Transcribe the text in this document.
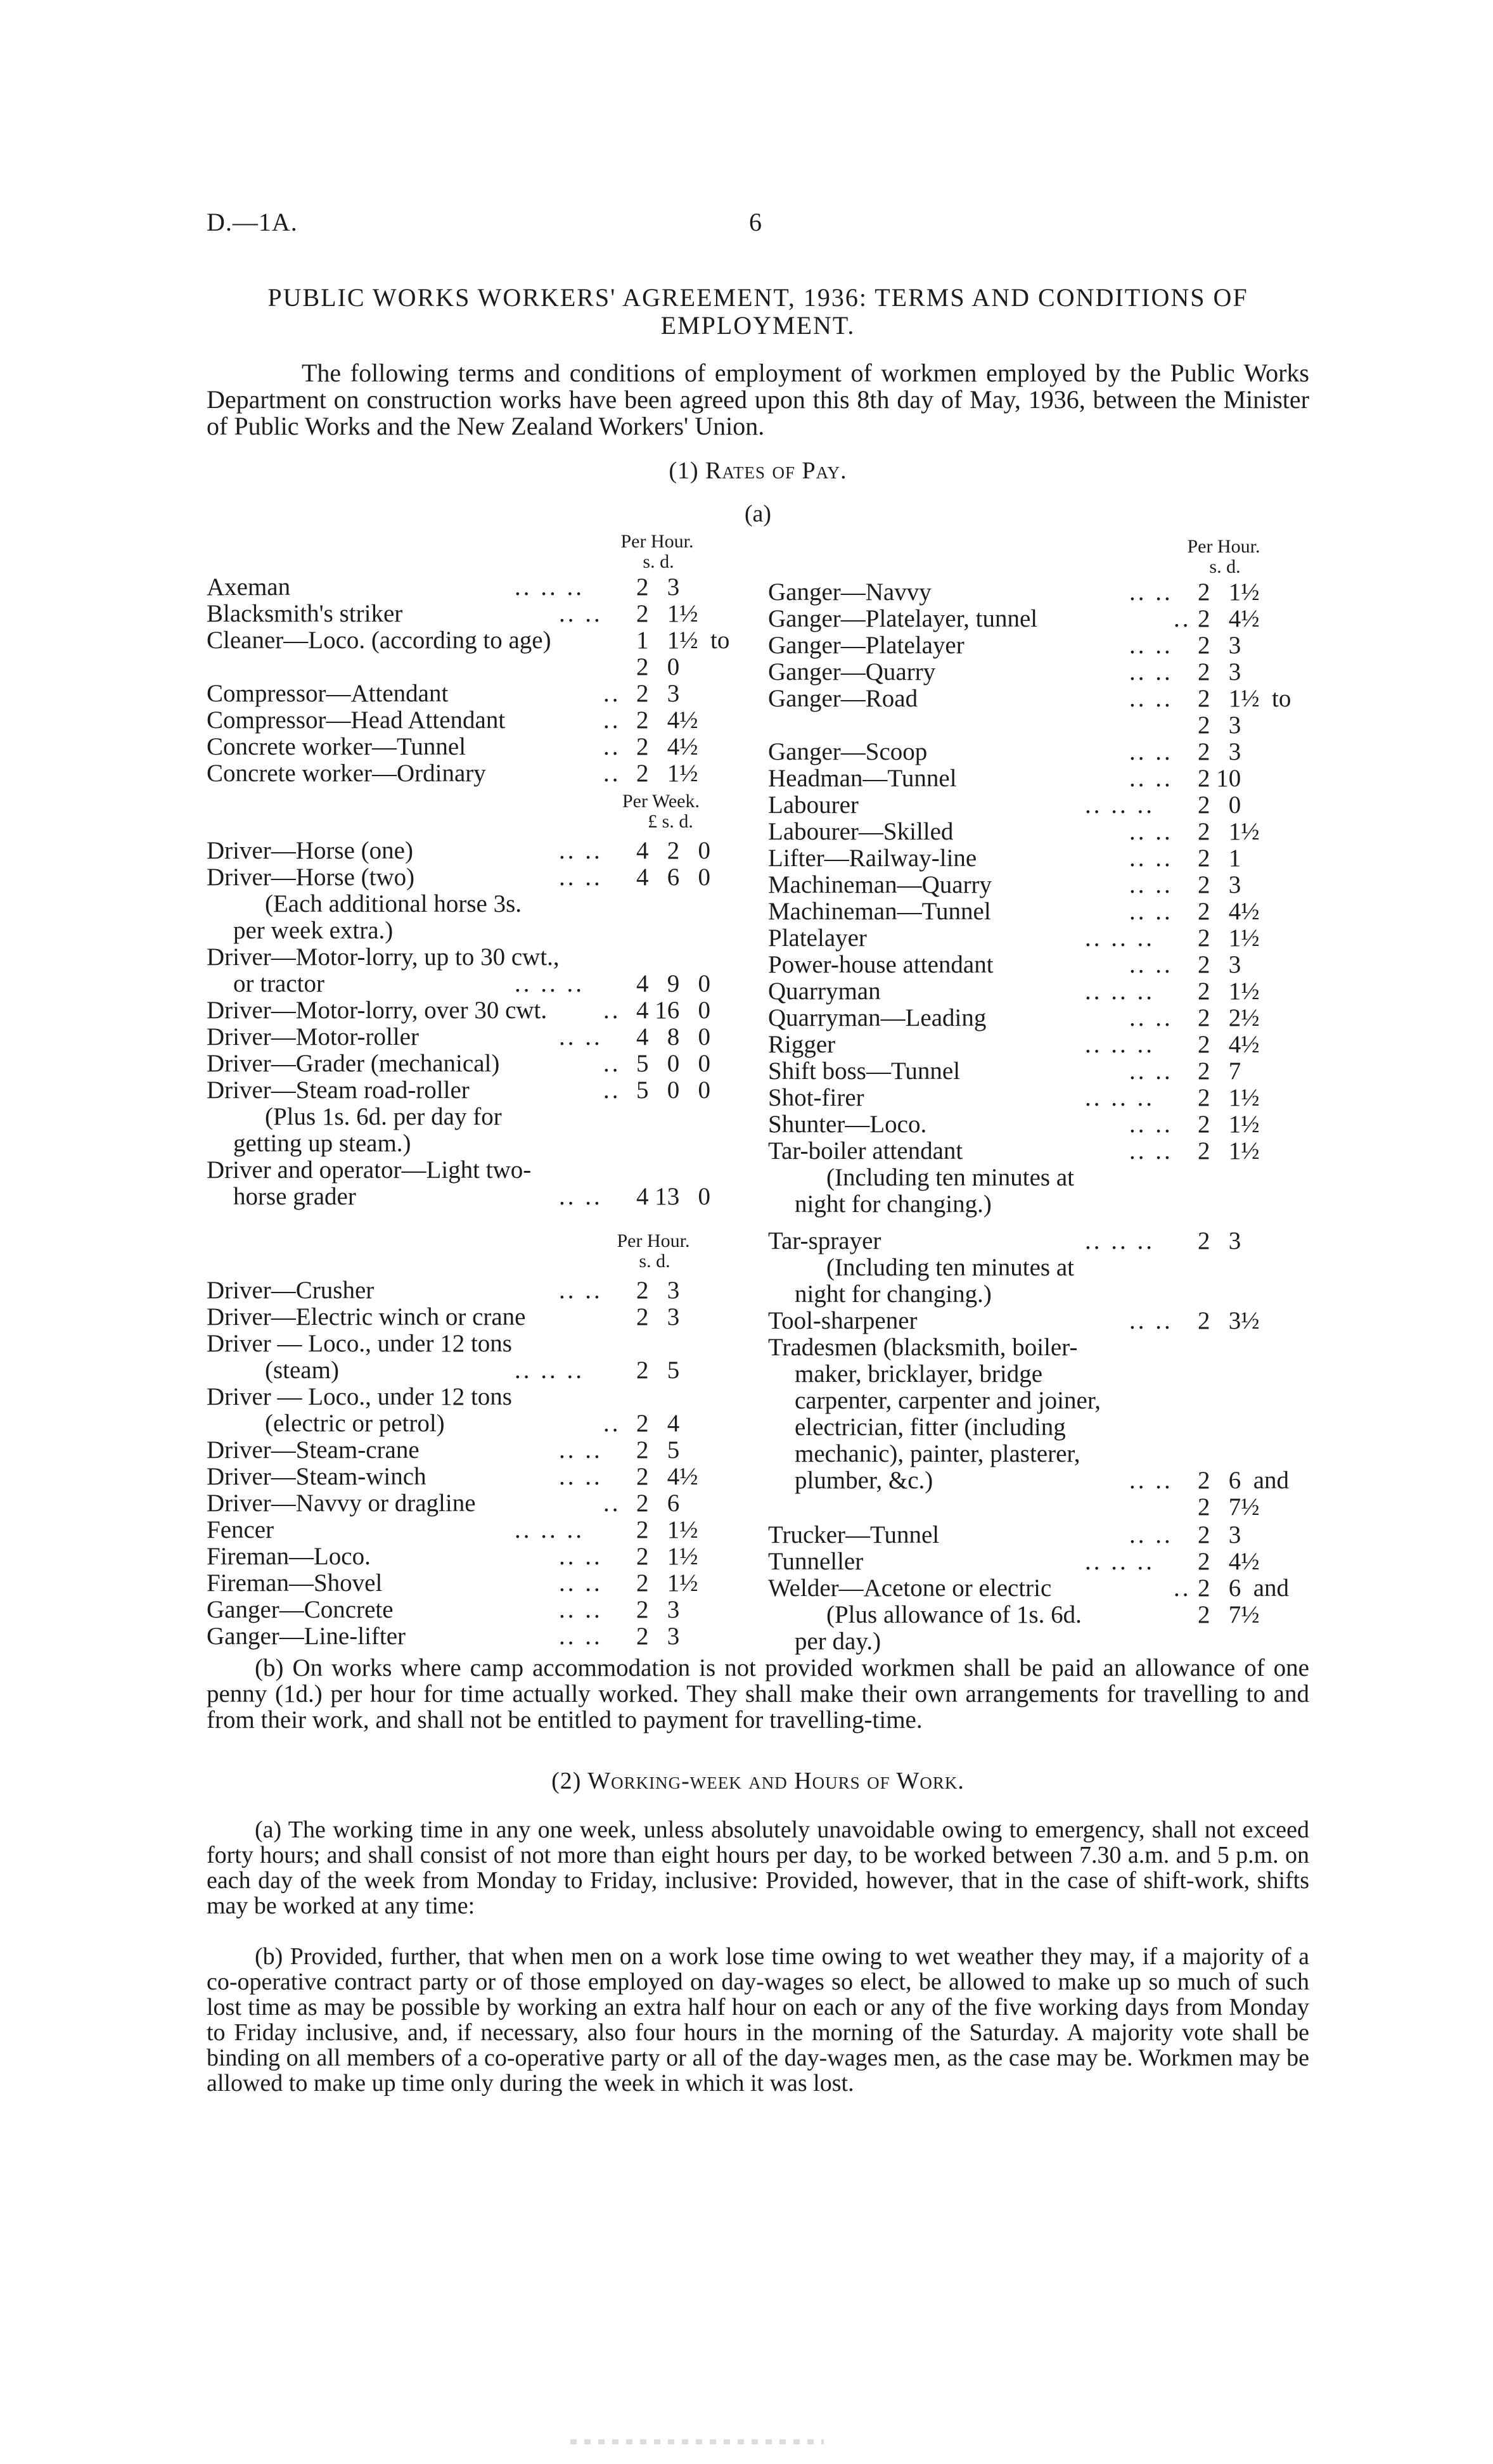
D.—1A.	6
PUBLIC WORKS WORKERS' AGREEMENT, 1936: TERMS AND CONDITIONS OF EMPLOYMENT.
The following terms and conditions of employment of workmen employed by the Public Works Department on construction works have been agreed upon this 8th day of May, 1936, between the Minister of Public Works and the New Zealand Workers' Union.
(1) Rates of Pay.
(a)
Per Hour.
s. d.
Per Week.
£ s. d.
Per Hour.
s. d.
Per Hour.
s. d.
Axeman	.. .. .. 2   3
Blacksmith's striker	.. .. 2   1½
Cleaner—Loco. (according to age)	1   1½  to
2   0
Compressor—Attendant	.. 2   3
Compressor—Head Attendant	.. 2   4½
Concrete worker—Tunnel	.. 2   4½
Concrete worker—Ordinary	.. 2   1½
Driver—Horse (one)	.. .. 4   2   0
Driver—Horse (two)	.. .. 4   6   0
(Each additional horse 3s.
per week extra.)
Driver—Motor-lorry, up to 30 cwt.,
or tractor	.. .. .. 4   9   0
Driver—Motor-lorry, over 30 cwt. .. 4 16   0
Driver—Motor-roller	.. .. 4   8   0
Driver—Grader (mechanical)	.. 5   0   0
Driver—Steam road-roller	.. 5   0   0
(Plus 1s. 6d. per day for
getting up steam.)
Driver and operator—Light two-
horse grader	.. .. 4 13   0
Driver—Crusher	.. .. 2   3
Driver—Electric winch or crane	2   3
Driver — Loco., under 12 tons
(steam)	.. .. .. 2   5
Driver — Loco., under 12 tons
(electric or petrol)	.. 2   4
Driver—Steam-crane	.. .. 2   5
Driver—Steam-winch	.. .. 2   4½
Driver—Navvy or dragline	.. 2   6
Fencer	.. .. .. 2   1½
Fireman—Loco.	.. .. 2   1½
Fireman—Shovel	.. .. 2   1½
Ganger—Concrete	.. .. 2   3
Ganger—Line-lifter	.. .. 2   3
Ganger—Navvy	.. .. 2   1½
Ganger—Platelayer, tunnel	.. 2   4½
Ganger—Platelayer	.. .. 2   3
Ganger—Quarry	.. .. 2   3
Ganger—Road	.. .. 2   1½  to
2   3
Ganger—Scoop	.. .. 2   3
Headman—Tunnel	.. .. 2 10
Labourer	.. .. .. 2   0
Labourer—Skilled	.. .. 2   1½
Lifter—Railway-line	.. .. 2   1
Machineman—Quarry	.. .. 2   3
Machineman—Tunnel	.. .. 2   4½
Platelayer	.. .. .. 2   1½
Power-house attendant	.. .. 2   3
Quarryman	.. .. .. 2   1½
Quarryman—Leading	.. .. 2   2½
Rigger	.. .. .. 2   4½
Shift boss—Tunnel	.. .. 2   7
Shot-firer	.. .. .. 2   1½
Shunter—Loco.	.. .. 2   1½
Tar-boiler attendant	.. .. 2   1½
(Including ten minutes at
night for changing.)
Tar-sprayer	.. .. .. 2   3
(Including ten minutes at
night for changing.)
Tool-sharpener	.. .. 2   3½
Tradesmen (blacksmith, boiler-
maker, bricklayer, bridge
carpenter, carpenter and joiner,
electrician, fitter (including
mechanic), painter, plasterer,
plumber, &c.)	.. .. 2   6  and
2   7½
Trucker—Tunnel	.. .. 2   3
Tunneller	.. .. .. 2   4½
Welder—Acetone or electric	.. 2   6  and
(Plus allowance of 1s. 6d.	2   7½
per day.)
(b) On works where camp accommodation is not provided workmen shall be paid an allowance of one penny (1d.) per hour for time actually worked. They shall make their own arrangements for travelling to and from their work, and shall not be entitled to payment for travelling-time.
(2) Working-week and Hours of Work.
(a) The working time in any one week, unless absolutely unavoidable owing to emergency, shall not exceed forty hours; and shall consist of not more than eight hours per day, to be worked between 7.30 a.m. and 5 p.m. on each day of the week from Monday to Friday, inclusive: Provided, however, that in the case of shift-work, shifts may be worked at any time:
(b) Provided, further, that when men on a work lose time owing to wet weather they may, if a majority of a co-operative contract party or of those employed on day-wages so elect, be allowed to make up so much of such lost time as may be possible by working an extra half hour on each or any of the five working days from Monday to Friday inclusive, and, if necessary, also four hours in the morning of the Saturday. A majority vote shall be binding on all members of a co-operative party or all of the day-wages men, as the case may be. Workmen may be allowed to make up time only during the week in which it was lost.
